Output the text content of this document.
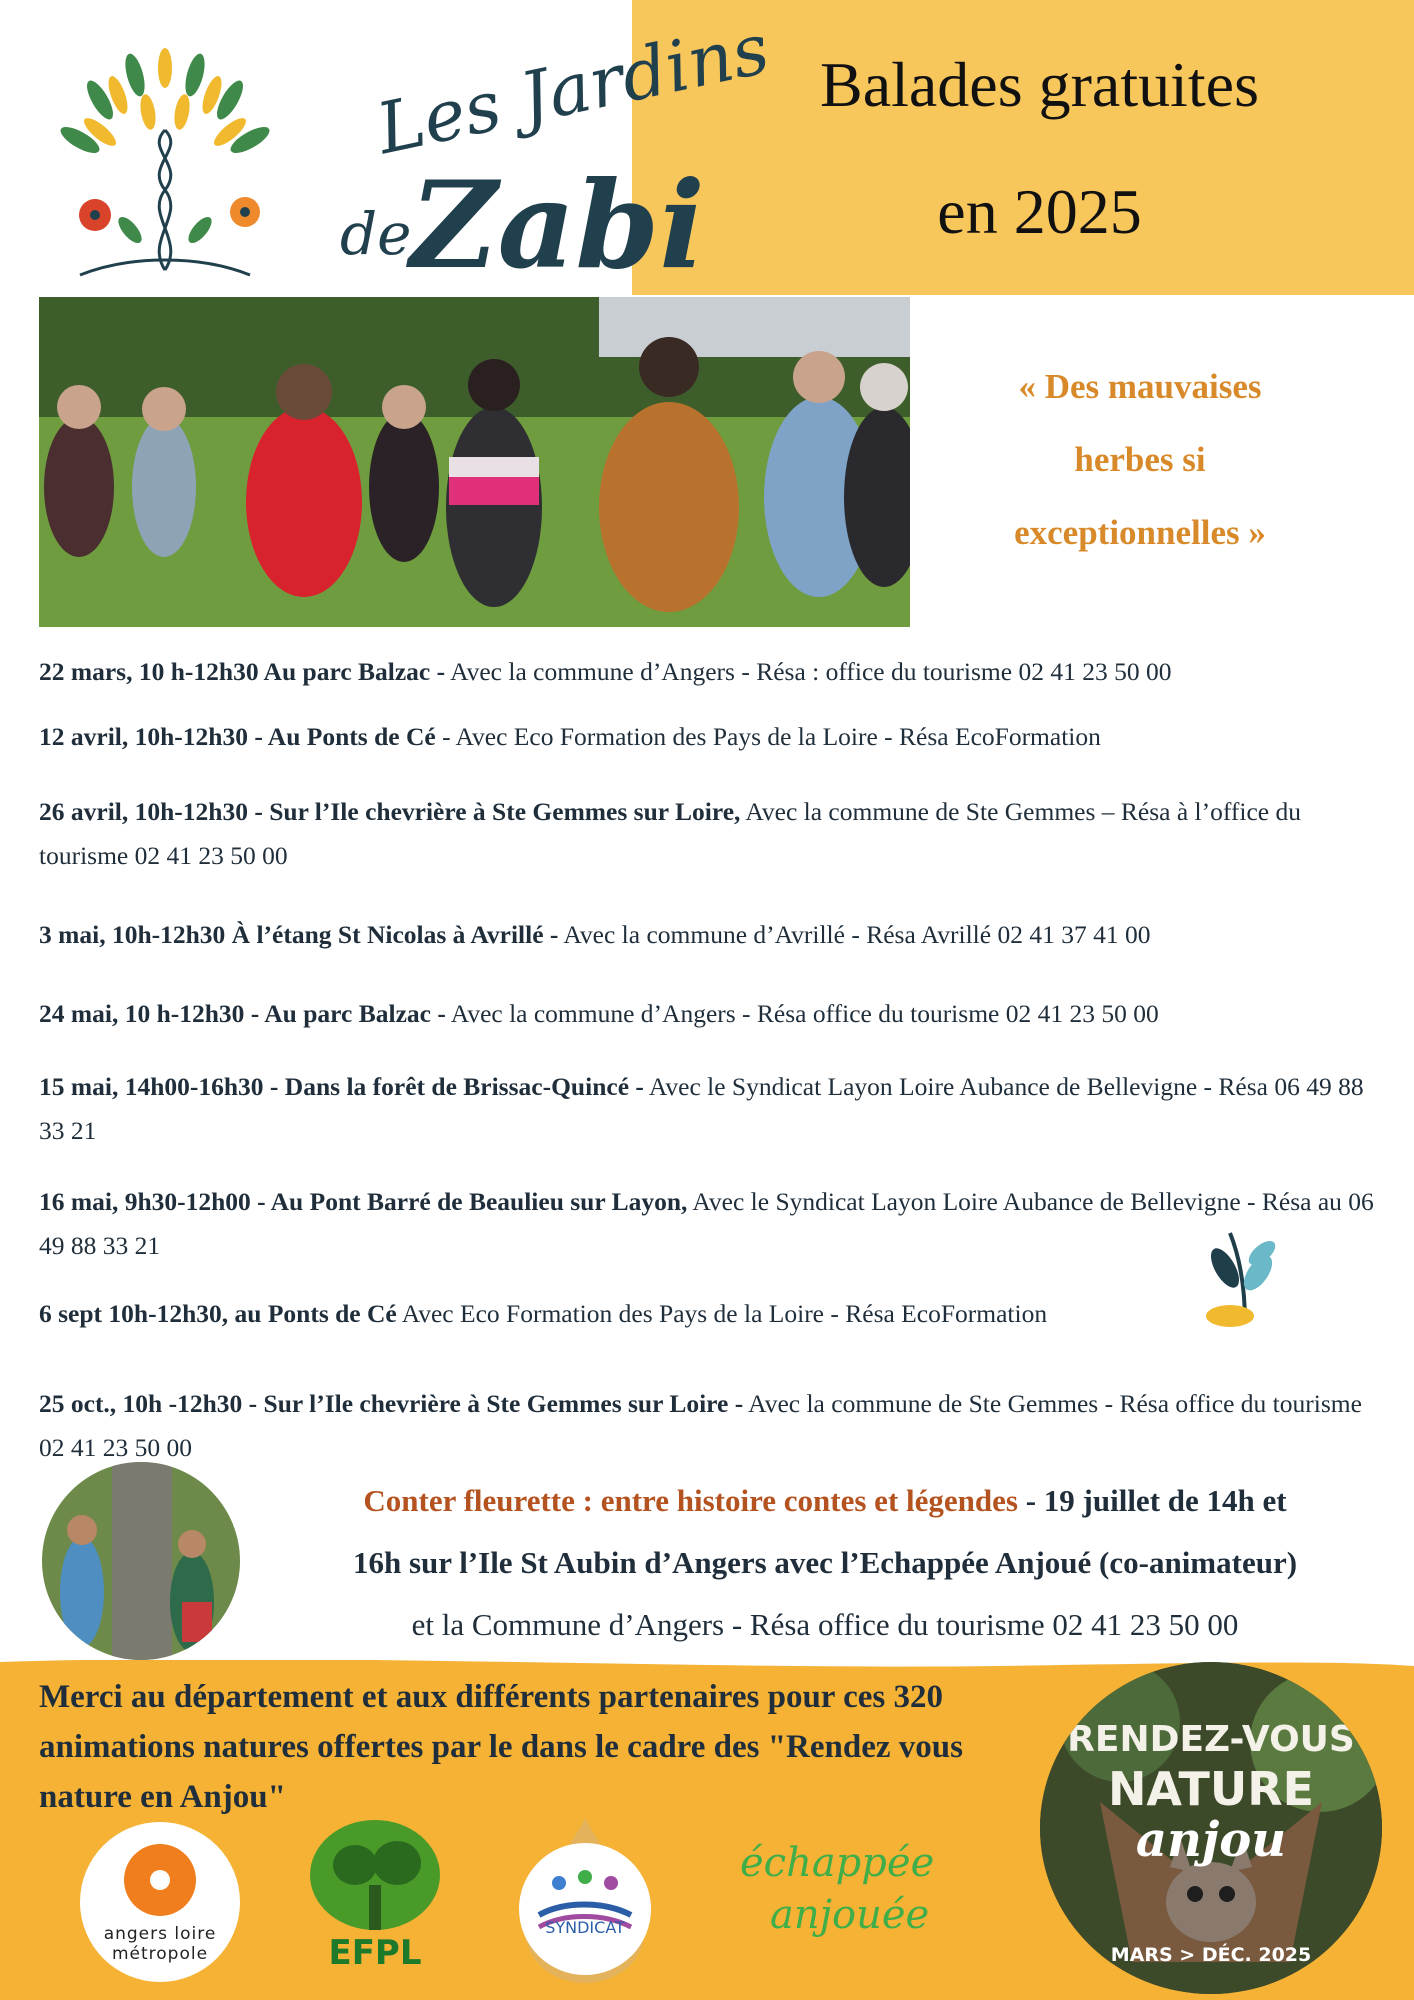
Les Jardins
de
Zabi
Balades gratuites
en 2025
« Des mauvaises
herbes si
exceptionnelles »
22 mars, 10 h-12h30 Au parc Balzac - Avec la commune d’Angers - Résa : office du tourisme 02 41 23 50 00
12 avril, 10h-12h30 - Au Ponts de Cé - Avec Eco Formation des Pays de la Loire - Résa EcoFormation
26 avril, 10h-12h30 - Sur l’Ile chevrière à Ste Gemmes sur Loire, Avec la commune de Ste Gemmes – Résa à l’office du tourisme 02 41 23 50 00
3 mai, 10h-12h30 À l’étang St Nicolas à Avrillé - Avec la commune d’Avrillé - Résa Avrillé 02 41 37 41 00
24 mai, 10 h-12h30 - Au parc Balzac - Avec la commune d’Angers - Résa office du tourisme 02 41 23 50 00
15 mai, 14h00-16h30 - Dans la forêt de Brissac-Quincé - Avec le Syndicat Layon Loire Aubance de Bellevigne - Résa 06 49 88 33 21
16 mai, 9h30-12h00 - Au Pont Barré de Beaulieu sur Layon, Avec le Syndicat Layon Loire Aubance de Bellevigne - Résa au 06 49 88 33 21
6 sept 10h-12h30, au Ponts de Cé Avec Eco Formation des Pays de la Loire - Résa EcoFormation
25 oct., 10h -12h30 - Sur l’Ile chevrière à Ste Gemmes sur Loire - Avec la commune de Ste Gemmes - Résa office du tourisme 02 41 23 50 00
Conter fleurette : entre histoire contes et légendes - 19 juillet de 14h et
16h sur l’Ile St Aubin d’Angers avec l’Echappée Anjoué (co-animateur)
et la Commune d’Angers - Résa office du tourisme 02 41 23 50 00
Merci au département et aux différents partenaires pour ces 320 animations natures offertes par le dans le cadre des "Rendez vous nature en Anjou"
angers loire métropole	EFPL
SYNDICAT
échappée
anjouée
RENDEZ-VOUS
NATURE
anjou
MARS > DÉC. 2025
